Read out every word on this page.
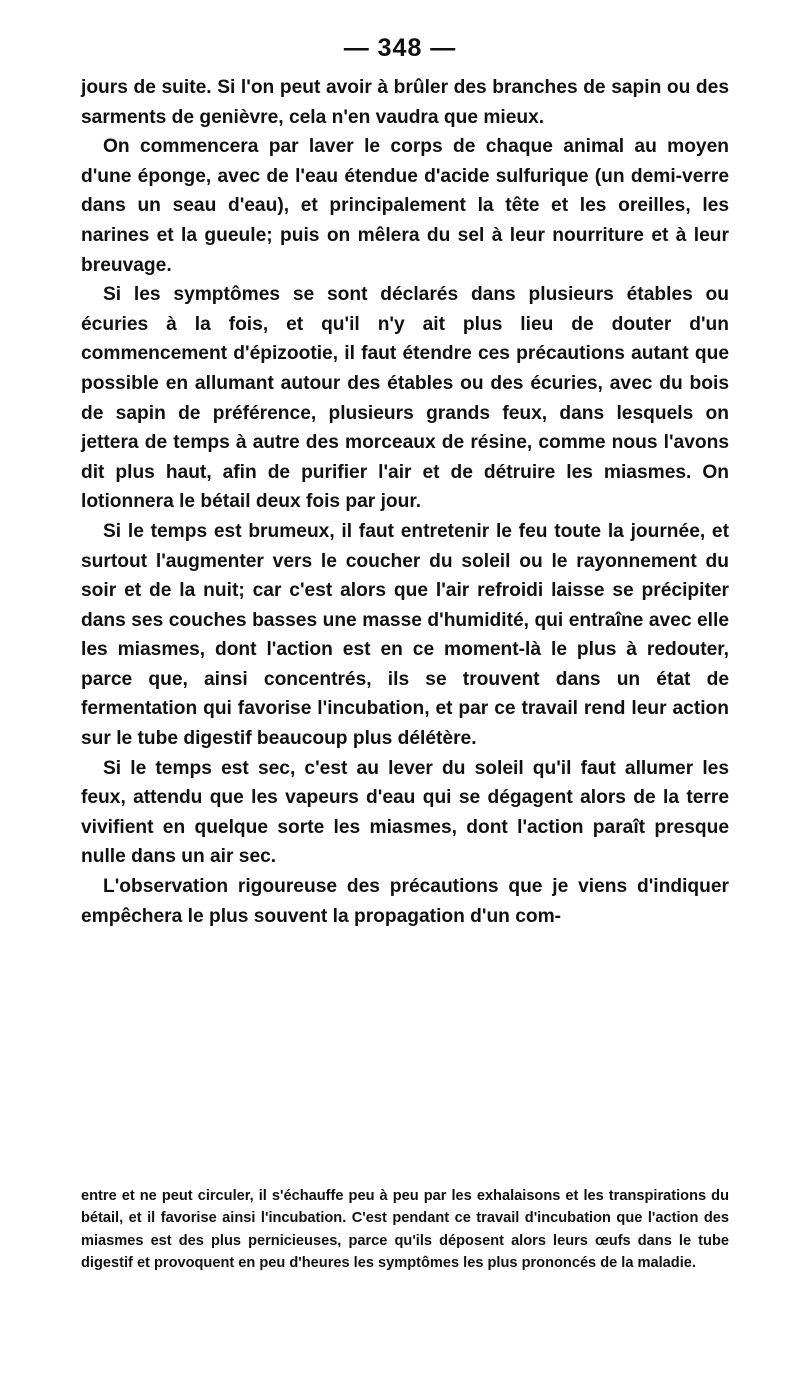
— 348 —

jours de suite. Si l'on peut avoir à brûler des branches de sapin ou des sarments de genièvre, cela n'en vaudra que mieux.

On commencera par laver le corps de chaque animal au moyen d'une éponge, avec de l'eau étendue d'acide sulfurique (un demi-verre dans un seau d'eau), et principalement la tête et les oreilles, les narines et la gueule; puis on mêlera du sel à leur nourriture et à leur breuvage.

Si les symptômes se sont déclarés dans plusieurs étables ou écuries à la fois, et qu'il n'y ait plus lieu de douter d'un commencement d'épizootie, il faut étendre ces précautions autant que possible en allumant autour des étables ou des écuries, avec du bois de sapin de préférence, plusieurs grands feux, dans lesquels on jettera de temps à autre des morceaux de résine, comme nous l'avons dit plus haut, afin de purifier l'air et de détruire les miasmes. On lotionnera le bétail deux fois par jour.

Si le temps est brumeux, il faut entretenir le feu toute la journée, et surtout l'augmenter vers le coucher du soleil ou le rayonnement du soir et de la nuit; car c'est alors que l'air refroidi laisse se précipiter dans ses couches basses une masse d'humidité, qui entraîne avec elle les miasmes, dont l'action est en ce moment-là le plus à redouter, parce que, ainsi concentrés, ils se trouvent dans un état de fermentation qui favorise l'incubation, et par ce travail rend leur action sur le tube digestif beaucoup plus délétère.

Si le temps est sec, c'est au lever du soleil qu'il faut allumer les feux, attendu que les vapeurs d'eau qui se dégagent alors de la terre vivifient en quelque sorte les miasmes, dont l'action paraît presque nulle dans un air sec.

L'observation rigoureuse des précautions que je viens d'indiquer empêchera le plus souvent la propagation d'un com-

entre et ne peut circuler, il s'échauffe peu à peu par les exhalaisons et les transpirations du bétail, et il favorise ainsi l'incubation. C'est pendant ce travail d'incubation que l'action des miasmes est des plus pernicieuses, parce qu'ils déposent alors leurs œufs dans le tube digestif et provoquent en peu d'heures les symptômes les plus prononcés de la maladie.
